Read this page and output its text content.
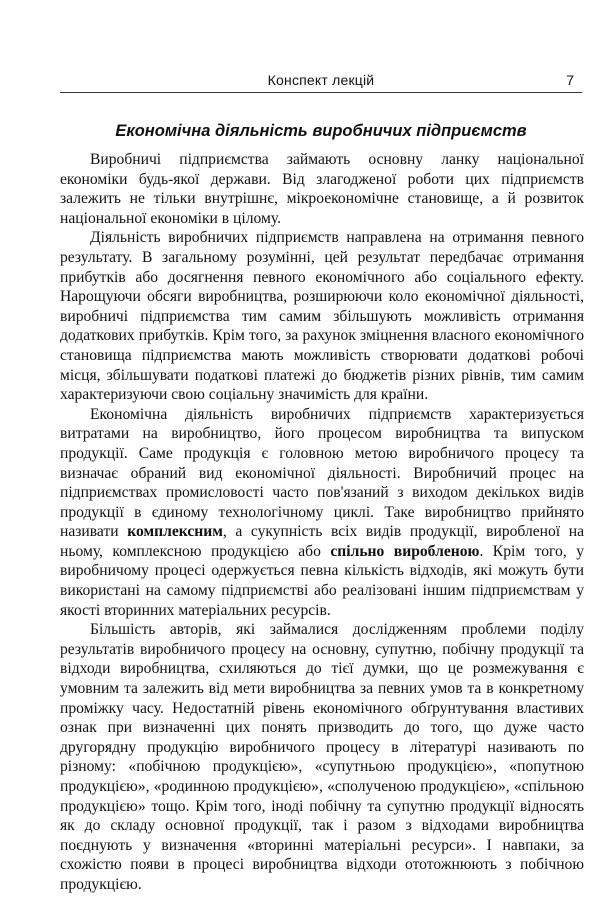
Конспект лекцій	7
Економічна діяльність виробничих підприємств

Виробничі підприємства займають основну ланку національної економіки будь-якої держави. Від злагодженої роботи цих підприємств залежить не тільки внутрішнє, мікроекономічне становище, а й розвиток національної економіки в цілому.

Діяльність виробничих підприємств направлена на отримання певного результату. В загальному розумінні, цей результат передбачає отримання прибутків або досягнення певного економічного або соціального ефекту. Нарощуючи обсяги виробництва, розширюючи коло економічної діяльності, виробничі підприємства тим самим збільшують можливість отримання додаткових прибутків. Крім того, за рахунок зміцнення власного економічного становища підприємства мають можливість створювати додаткові робочі місця, збільшувати податкові платежі до бюджетів різних рівнів, тим самим характеризуючи свою соціальну значимість для країни.

Економічна діяльність виробничих підприємств характеризується витратами на виробництво, його процесом виробництва та випуском продукції. Саме продукція є головною метою виробничого процесу та визначає обраний вид економічної діяльності. Виробничий процес на підприємствах промисловості часто пов'язаний з виходом декількох видів продукції в єдиному технологічному циклі. Таке виробництво прийнято називати комплексним, а сукупність всіх видів продукції, виробленої на ньому, комплексною продукцією або спільно виробленою. Крім того, у виробничому процесі одержується певна кількість відходів, які можуть бути використані на самому підприємстві або реалізовані іншим підприємствам у якості вторинних матеріальних ресурсів.

Більшість авторів, які займалися дослідженням проблеми поділу результатів виробничого процесу на основну, супутню, побічну продукції та відходи виробництва, схиляються до тієї думки, що це розмежування є умовним та залежить від мети виробництва за певних умов та в конкретному проміжку часу. Недостатній рівень економічного обґрунтування властивих ознак при визначенні цих понять призводить до того, що дуже часто другорядну продукцію виробничого процесу в літературі називають по різному: «побічною продукцією», «супутньою продукцією», «попутною продукцією», «родинною продукцією», «сполученою продукцією», «спільною продукцією» тощо. Крім того, іноді побічну та супутню продукції відносять як до складу основної продукції, так і разом з відходами виробництва поєднують у визначення «вторинні матеріальні ресурси». І навпаки, за схожістю появи в процесі виробництва відходи ототожнюють з побічною продукцією.
